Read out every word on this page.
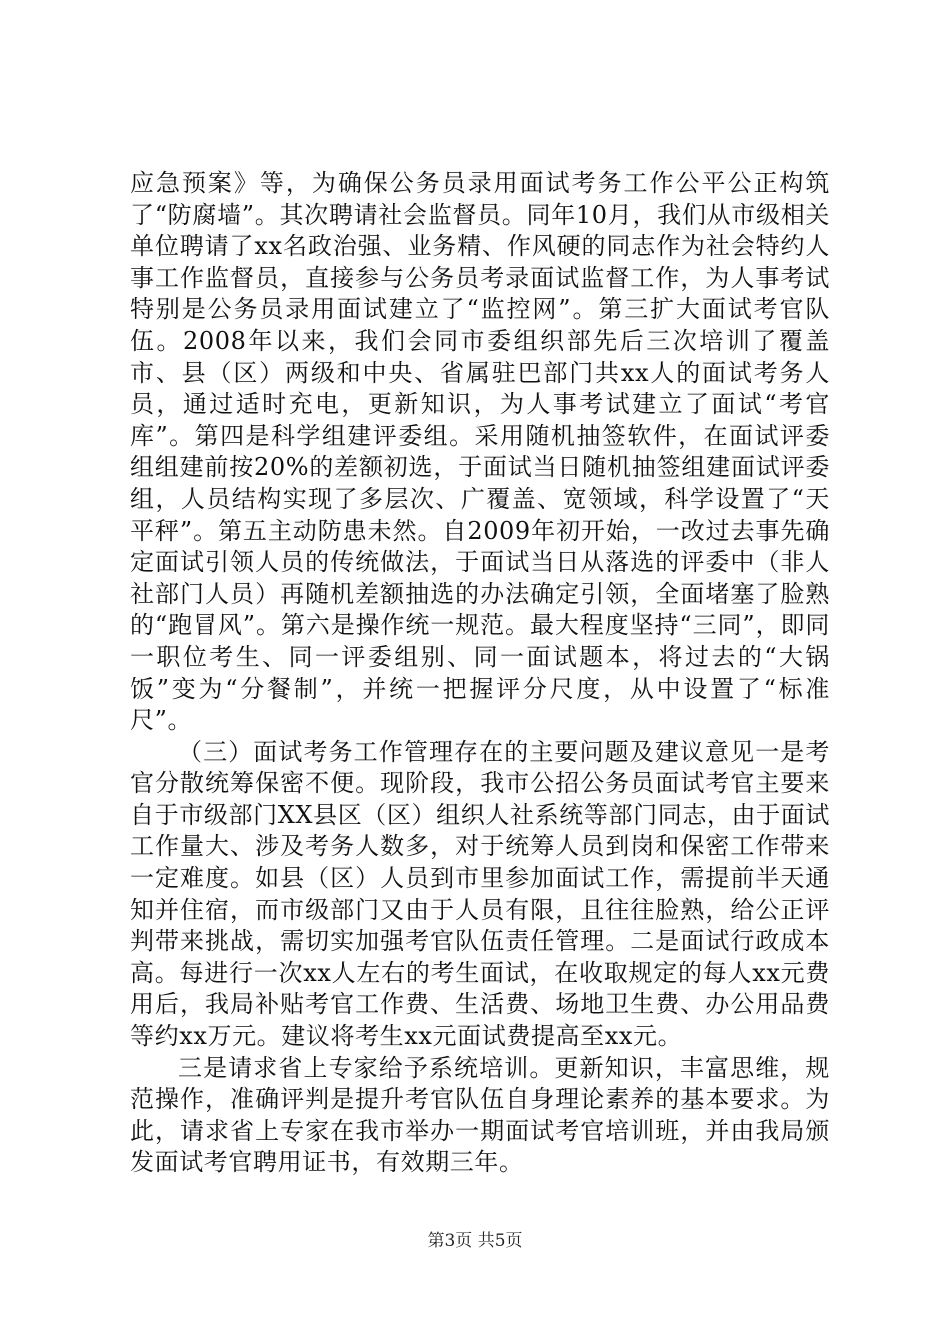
应急预案》等，为确保公务员录用面试考务工作公平公正构筑了“防腐墙”。其次聘请社会监督员。同年10月，我们从市级相关单位聘请了xx名政治强、业务精、作风硬的同志作为社会特约人事工作监督员，直接参与公务员考录面试监督工作，为人事考试特别是公务员录用面试建立了“监控网”。第三扩大面试考官队伍。2008年以来，我们会同市委组织部先后三次培训了覆盖市、县（区）两级和中央、省属驻巴部门共xx人的面试考务人员，通过适时充电，更新知识，为人事考试建立了面试“考官库”。第四是科学组建评委组。采用随机抽签软件，在面试评委组组建前按20%的差额初选，于面试当日随机抽签组建面试评委组，人员结构实现了多层次、广覆盖、宽领域，科学设置了“天平秤”。第五主动防患未然。自2009年初开始，一改过去事先确定面试引领人员的传统做法，于面试当日从落选的评委中（非人社部门人员）再随机差额抽选的办法确定引领，全面堵塞了脸熟的“跑冒风”。第六是操作统一规范。最大程度坚持“三同”，即同一职位考生、同一评委组别、同一面试题本，将过去的“大锅饭”变为“分餐制”，并统一把握评分尺度，从中设置了“标准尺”。

（三）面试考务工作管理存在的主要问题及建议意见一是考官分散统筹保密不便。现阶段，我市公招公务员面试考官主要来自于市级部门XX县区（区）组织人社系统等部门同志，由于面试工作量大、涉及考务人数多，对于统筹人员到岗和保密工作带来一定难度。如县（区）人员到市里参加面试工作，需提前半天通知并住宿，而市级部门又由于人员有限，且往往脸熟，给公正评判带来挑战，需切实加强考官队伍责任管理。二是面试行政成本高。每进行一次xx人左右的考生面试，在收取规定的每人xx元费用后，我局补贴考官工作费、生活费、场地卫生费、办公用品费等约xx万元。建议将考生xx元面试费提高至xx元。

三是请求省上专家给予系统培训。更新知识，丰富思维，规范操作，准确评判是提升考官队伍自身理论素养的基本要求。为此，请求省上专家在我市举办一期面试考官培训班，并由我局颁发面试考官聘用证书，有效期三年。

第3页 共5页
